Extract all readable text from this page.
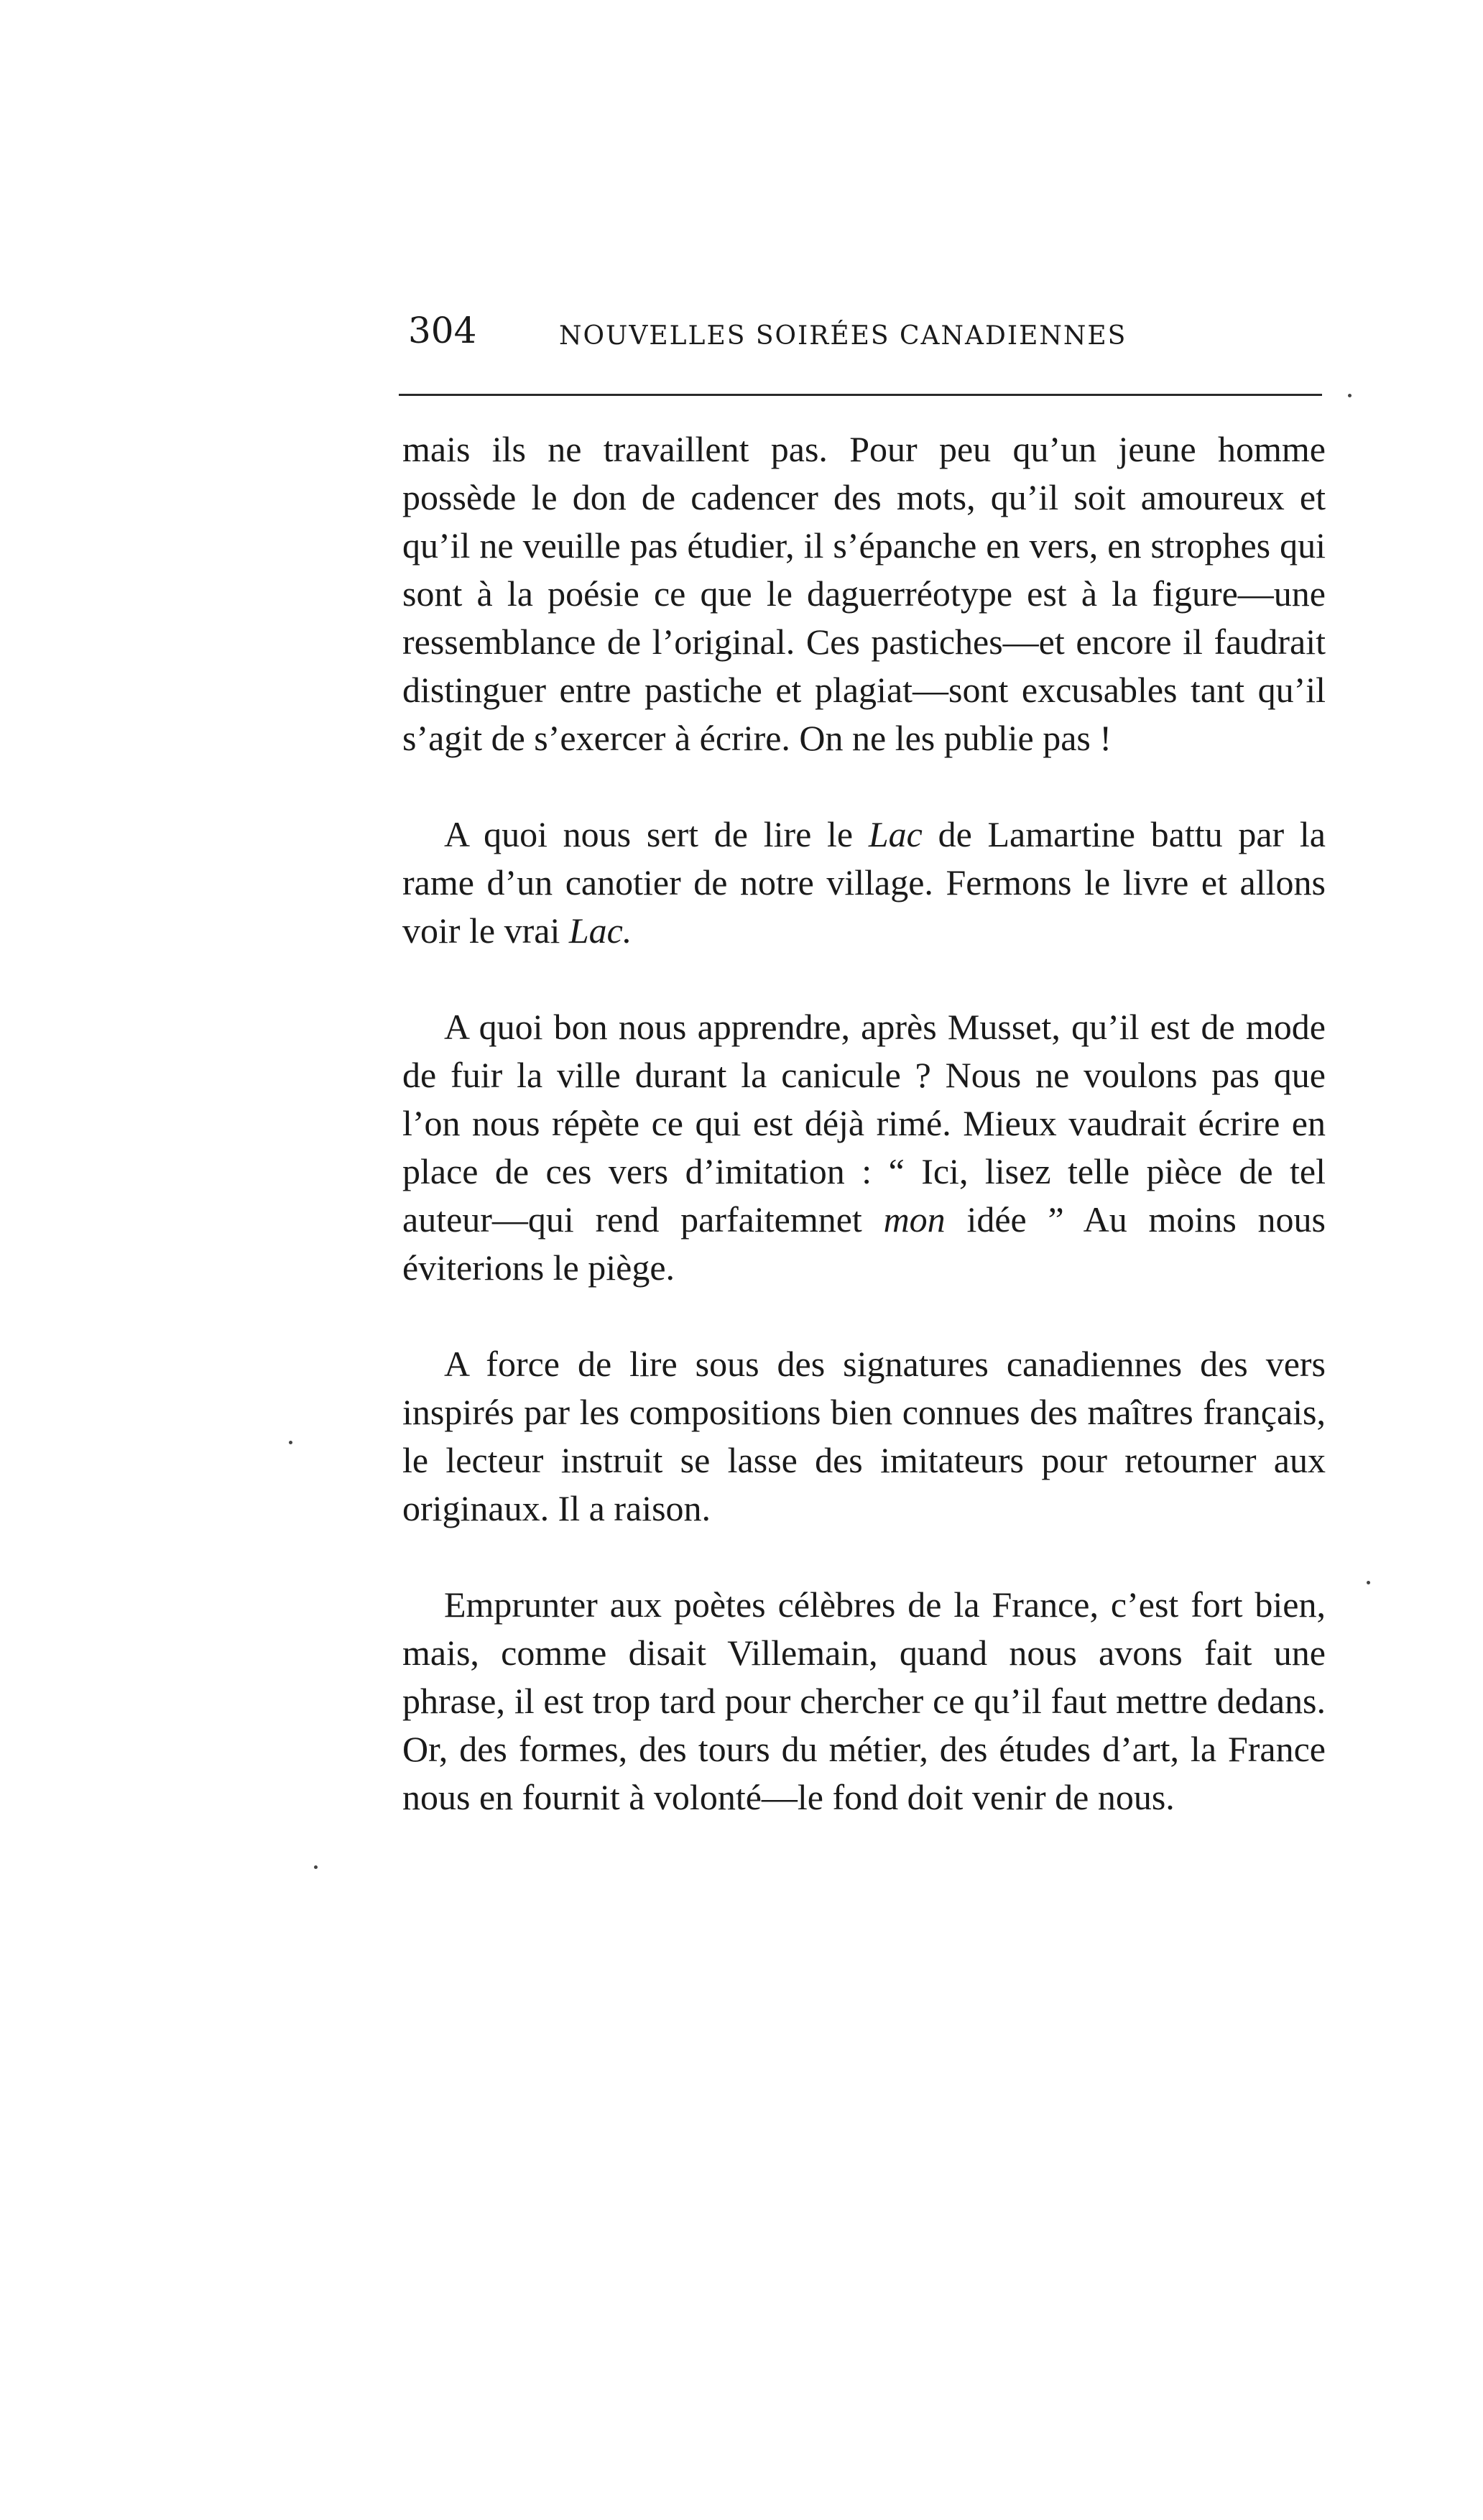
304	NOUVELLES SOIRÉES CANADIENNES

mais ils ne travaillent pas. Pour peu qu’un jeune homme possède le don de cadencer des mots, qu’il soit amoureux et qu’il ne veuille pas étudier, il s’épanche en vers, en strophes qui sont à la poésie ce que le daguerréotype est à la figure—une ressemblance de l’original. Ces pastiches—et encore il faudrait distinguer entre pastiche et plagiat—sont excusables tant qu’il s’agit de s’exercer à écrire. On ne les publie pas !

A quoi nous sert de lire le Lac de Lamartine battu par la rame d’un canotier de notre village. Fermons le livre et allons voir le vrai Lac.

A quoi bon nous apprendre, après Musset, qu’il est de mode de fuir la ville durant la canicule ? Nous ne voulons pas que l’on nous répète ce qui est déjà rimé. Mieux vaudrait écrire en place de ces vers d’imitation : “ Ici, lisez telle pièce de tel auteur—qui rend parfaitemnet mon idée ” Au moins nous éviterions le piège.

A force de lire sous des signatures canadiennes des vers inspirés par les compositions bien connues des maîtres français, le lecteur instruit se lasse des imitateurs pour retourner aux originaux. Il a raison.

Emprunter aux poètes célèbres de la France, c’est fort bien, mais, comme disait Villemain, quand nous avons fait une phrase, il est trop tard pour chercher ce qu’il faut mettre dedans. Or, des formes, des tours du métier, des études d’art, la France nous en fournit à volonté—le fond doit venir de nous.
